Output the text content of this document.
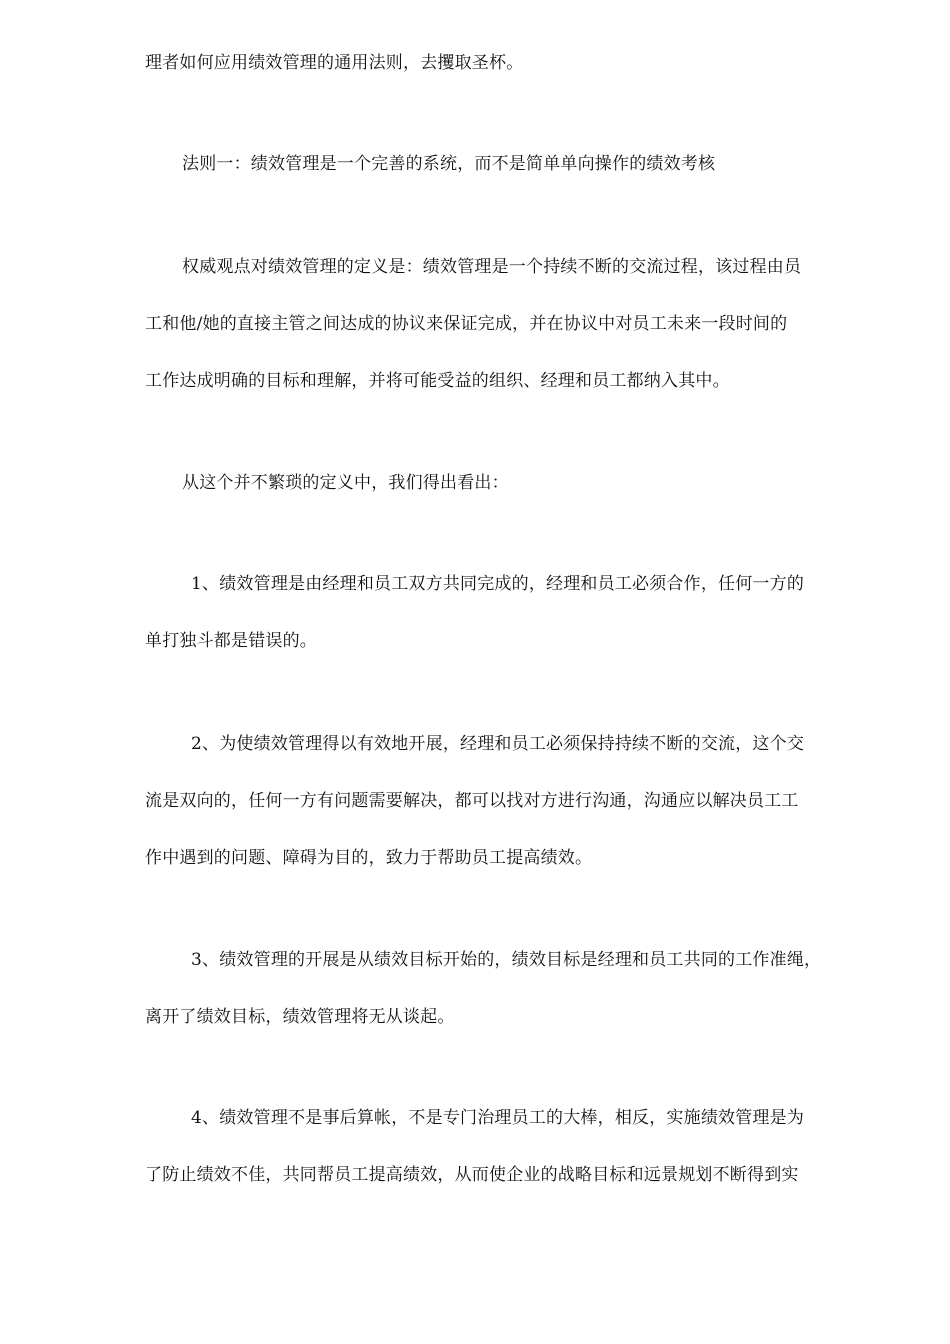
理者如何应用绩效管理的通用法则，去攫取圣杯。
法则一：绩效管理是一个完善的系统，而不是简单单向操作的绩效考核
权威观点对绩效管理的定义是：绩效管理是一个持续不断的交流过程，该过程由员
工和他/她的直接主管之间达成的协议来保证完成，并在协议中对员工未来一段时间的
工作达成明确的目标和理解，并将可能受益的组织、经理和员工都纳入其中。
从这个并不繁琐的定义中，我们得出看出：
1、绩效管理是由经理和员工双方共同完成的，经理和员工必须合作，任何一方的
单打独斗都是错误的。
2、为使绩效管理得以有效地开展，经理和员工必须保持持续不断的交流，这个交
流是双向的，任何一方有问题需要解决，都可以找对方进行沟通，沟通应以解决员工工
作中遇到的问题、障碍为目的，致力于帮助员工提高绩效。
3、绩效管理的开展是从绩效目标开始的，绩效目标是经理和员工共同的工作准绳，
离开了绩效目标，绩效管理将无从谈起。
4、绩效管理不是事后算帐，不是专门治理员工的大棒，相反，实施绩效管理是为
了防止绩效不佳，共同帮员工提高绩效，从而使企业的战略目标和远景规划不断得到实
